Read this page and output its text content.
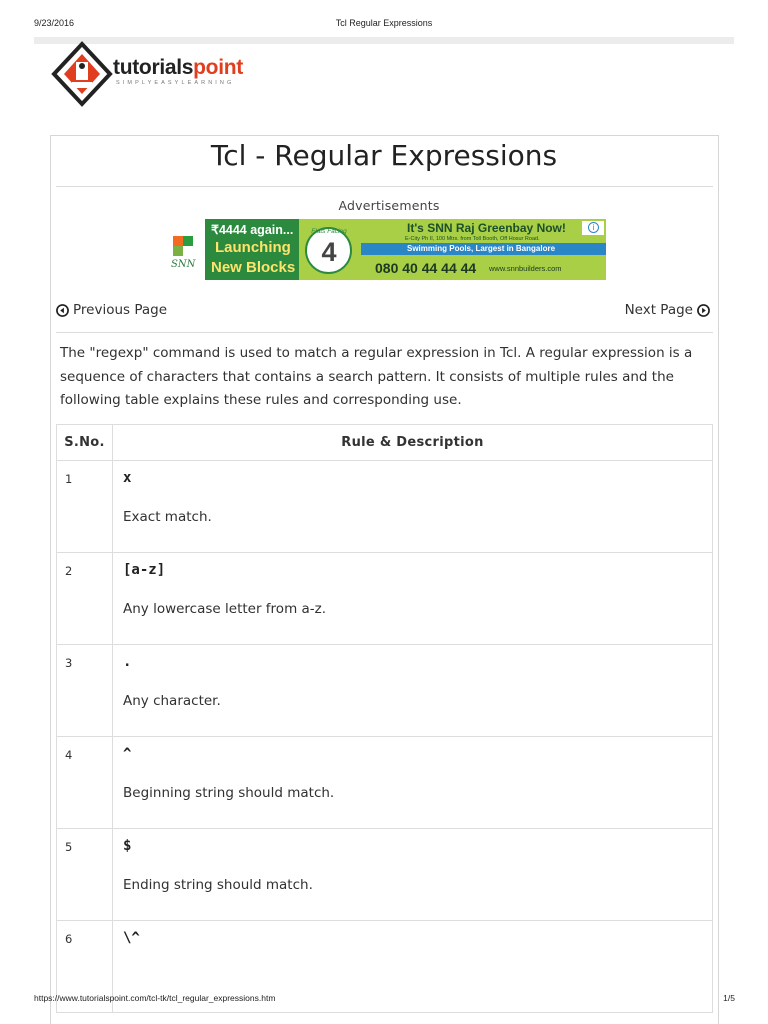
9/23/2016	Tcl Regular Expressions
tutorialspoint
SIMPLYEASYLEARNING
Tcl - Regular Expressions
Advertisements
SNN
₹4444 again...
Launching
New Blocks
Flats Facing
4
It's SNN Raj Greenbay Now!
E-City Ph II, 100 Mtrs. from Toll Booth, Off Hosur Road.
Swimming Pools, Largest in Bangalore
080 40 44 44 44 www.snnbuilders.com
i
Previous Page	Next Page

The "regexp" command is used to match a regular expression in Tcl. A regular expression is a sequence of characters that contains a search pattern. It consists of multiple rules and the following table explains these rules and corresponding use.

S.No.	Rule & Description
1	x
Exact match.

2	[a-z]
Any lowercase letter from a-z.

3	.
Any character.

4	^
Beginning string should match.

5	$
Ending string should match.

6	\^
https://www.tutorialspoint.com/tcl-tk/tcl_regular_expressions.htm	1/5
